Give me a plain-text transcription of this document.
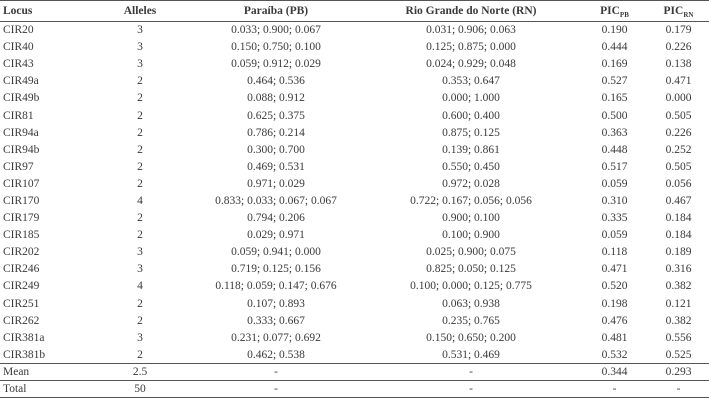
Locus	Alleles	Paraíba (PB)	Rio Grande do Norte (RN)	$PIC_{PB}$	$PIC_{RN}$
CIR20	3	0.033; 0.900; 0.067	0.031; 0.906; 0.063	0.190	0.179
CIR40	3	0.150; 0.750; 0.100	0.125; 0.875; 0.000	0.444	0.226
CIR43	3	0.059; 0.912; 0.029	0.024; 0.929; 0.048	0.169	0.138
CIR49a	2	0.464; 0.536	0.353; 0.647	0.527	0.471
CIR49b	2	0.088; 0.912	0.000; 1.000	0.165	0.000
CIR81	2	0.625; 0.375	0.600; 0.400	0.500	0.505
CIR94a	2	0.786; 0.214	0.875; 0.125	0.363	0.226
CIR94b	2	0.300; 0.700	0.139; 0.861	0.448	0.252
CIR97	2	0.469; 0.531	0.550; 0.450	0.517	0.505
CIR107	2	0.971; 0.029	0.972; 0.028	0.059	0.056
CIR170	4	0.833; 0.033; 0.067; 0.067	0.722; 0.167; 0.056; 0.056	0.310	0.467
CIR179	2	0.794; 0.206	0.900; 0.100	0.335	0.184
CIR185	2	0.029; 0.971	0.100; 0.900	0.059	0.184
CIR202	3	0.059; 0.941; 0.000	0.025; 0.900; 0.075	0.118	0.189
CIR246	3	0.719; 0.125; 0.156	0.825; 0.050; 0.125	0.471	0.316
CIR249	4	0.118; 0.059; 0.147; 0.676	0.100; 0.000; 0.125; 0.775	0.520	0.382
CIR251	2	0.107; 0.893	0.063; 0.938	0.198	0.121
CIR262	2	0.333; 0.667	0.235; 0.765	0.476	0.382
CIR381a	3	0.231; 0.077; 0.692	0.150; 0.650; 0.200	0.481	0.556
CIR381b	2	0.462; 0.538	0.531; 0.469	0.532	0.525
Mean	2.5	-	-	0.344	0.293
Total	50	-	-	-	-
